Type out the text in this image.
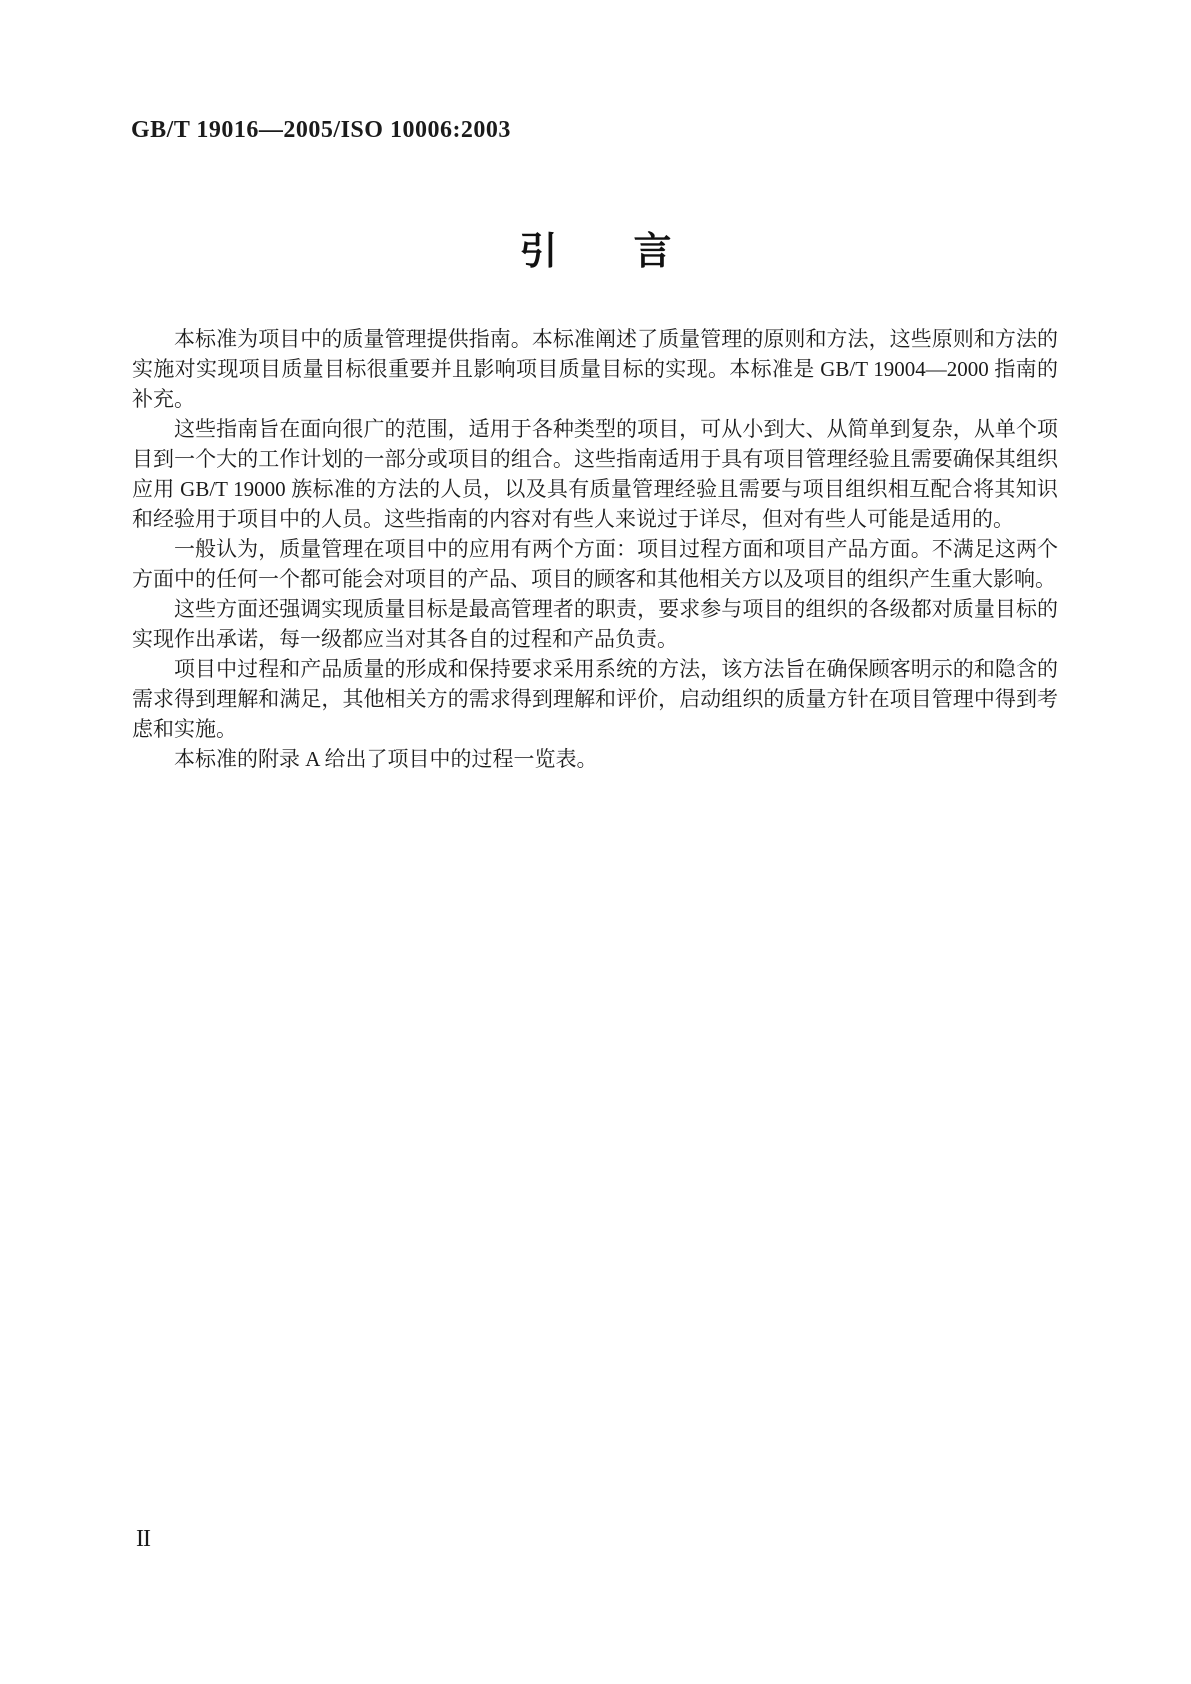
GB/T 19016—2005/ISO 10006:2003
引　　言

本标准为项目中的质量管理提供指南。本标准阐述了质量管理的原则和方法，这些原则和方法的实施对实现项目质量目标很重要并且影响项目质量目标的实现。本标准是 GB/T 19004—2000 指南的补充。

这些指南旨在面向很广的范围，适用于各种类型的项目，可从小到大、从简单到复杂，从单个项目到一个大的工作计划的一部分或项目的组合。这些指南适用于具有项目管理经验且需要确保其组织应用 GB/T 19000 族标准的方法的人员，以及具有质量管理经验且需要与项目组织相互配合将其知识和经验用于项目中的人员。这些指南的内容对有些人来说过于详尽，但对有些人可能是适用的。

一般认为，质量管理在项目中的应用有两个方面：项目过程方面和项目产品方面。不满足这两个方面中的任何一个都可能会对项目的产品、项目的顾客和其他相关方以及项目的组织产生重大影响。

这些方面还强调实现质量目标是最高管理者的职责，要求参与项目的组织的各级都对质量目标的实现作出承诺，每一级都应当对其各自的过程和产品负责。

项目中过程和产品质量的形成和保持要求采用系统的方法，该方法旨在确保顾客明示的和隐含的需求得到理解和满足，其他相关方的需求得到理解和评价，启动组织的质量方针在项目管理中得到考虑和实施。

本标准的附录 A 给出了项目中的过程一览表。

II
